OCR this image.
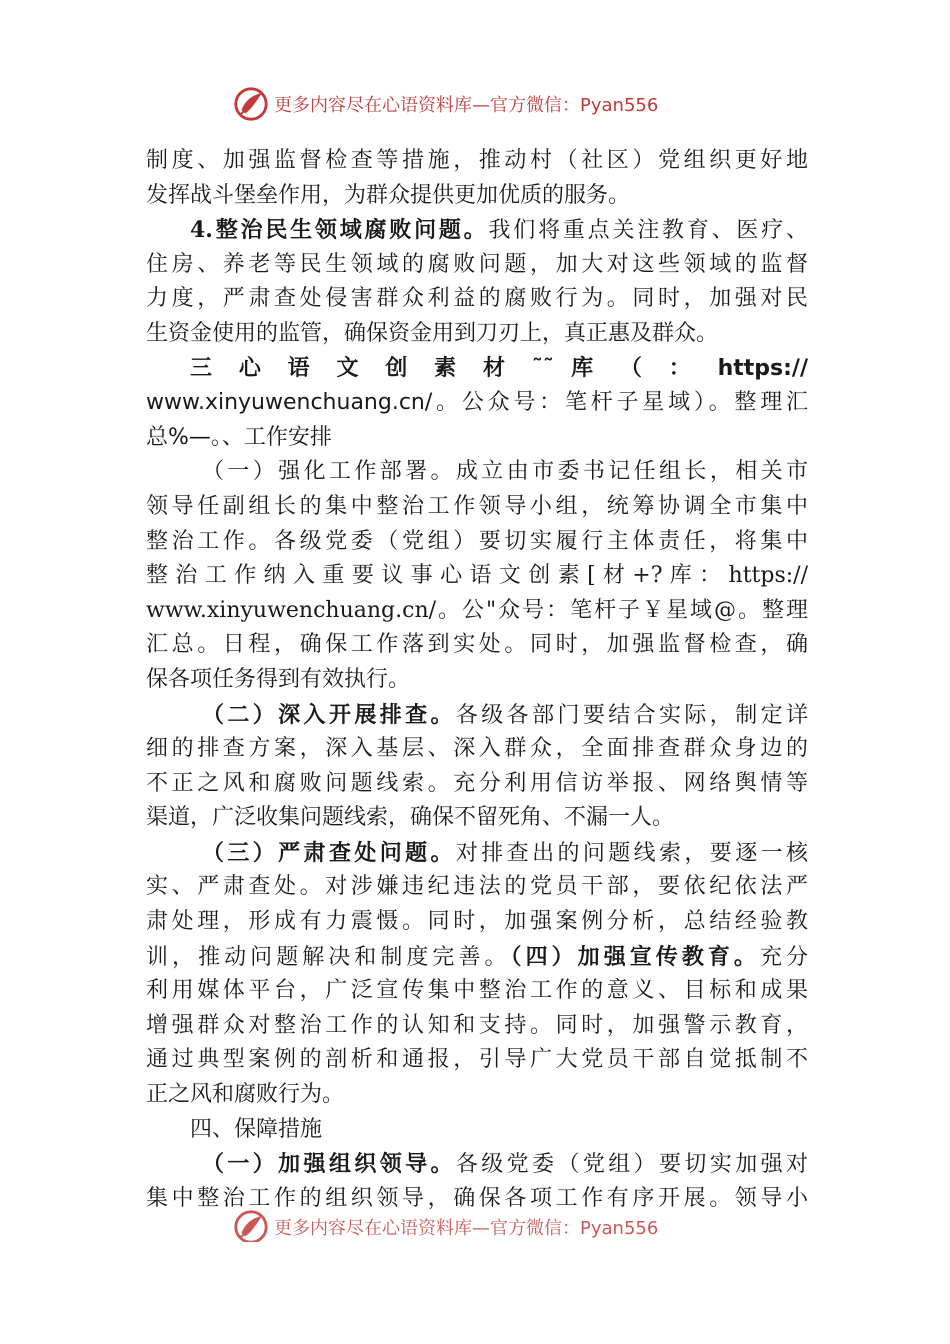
更多内容尽在心语资料库—官方微信：Pyan556
制度、加强监督检查等措施，推动村（社区）党组织更好地
发挥战斗堡垒作用，为群众提供更加优质的服务。
4.整治民生领域腐败问题。我们将重点关注教育、医疗、
住房、养老等民生领域的腐败问题，加大对这些领域的监督
力度，严肃查处侵害群众利益的腐败行为。同时，加强对民
生资金使用的监管，确保资金用到刀刃上，真正惠及群众。
三 心 语 文 创 素 材 ˜˜ 库 （ ： https://
www.xinyuwenchuang.cn/。公众号：笔杆子星域）。整理汇
总%—。、工作安排
（一）强化工作部署。成立由市委书记任组长，相关市
领导任副组长的集中整治工作领导小组，统筹协调全市集中
整治工作。各级党委（党组）要切实履行主体责任，将集中
整 治 工 作 纳 入 重 要 议 事 心 语 文 创 素 [ 材 +? 库 ： https://
www.xinyuwenchuang.cn/。公"众号：笔杆子￥星域@。整理
汇总。日程，确保工作落到实处。同时，加强监督检查，确
保各项任务得到有效执行。
（二）深入开展排查。各级各部门要结合实际，制定详
细的排查方案，深入基层、深入群众，全面排查群众身边的
不正之风和腐败问题线索。充分利用信访举报、网络舆情等
渠道，广泛收集问题线索，确保不留死角、不漏一人。
（三）严肃查处问题。对排查出的问题线索，要逐一核
实、严肃查处。对涉嫌违纪违法的党员干部，要依纪依法严
肃处理，形成有力震慑。同时，加强案例分析，总结经验教
训，推动问题解决和制度完善。（四）加强宣传教育。充分
利用媒体平台，广泛宣传集中整治工作的意义、目标和成果
增强群众对整治工作的认知和支持。同时，加强警示教育，
通过典型案例的剖析和通报，引导广大党员干部自觉抵制不
正之风和腐败行为。
四、保障措施
（一）加强组织领导。各级党委（党组）要切实加强对
集中整治工作的组织领导，确保各项工作有序开展。领导小
更多内容尽在心语资料库—官方微信：Pyan556
